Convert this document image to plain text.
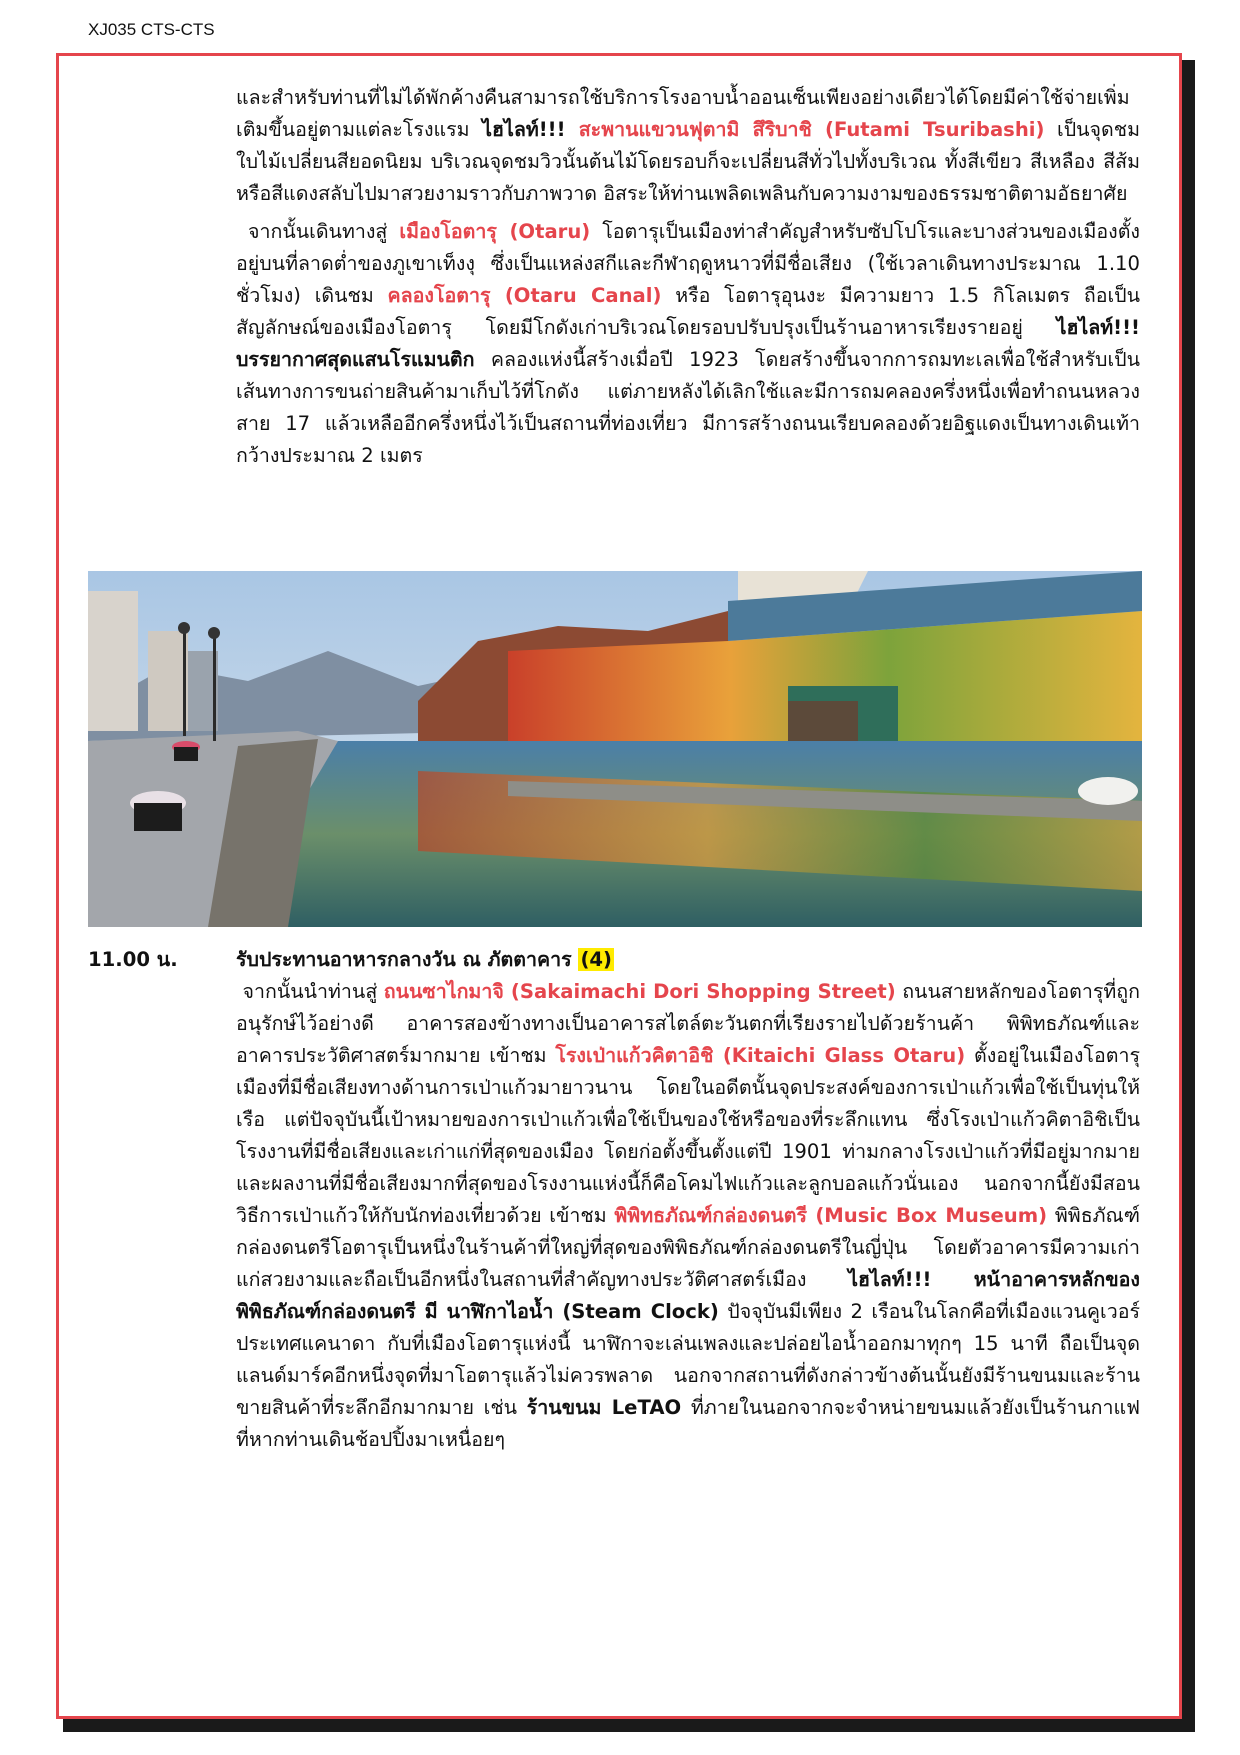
XJ035 CTS-CTS

และสำหรับท่านที่ไม่ได้พักค้างคืนสามารถใช้บริการโรงอาบน้ำออนเซ็นเพียงอย่างเดียวได้โดยมีค่าใช้จ่ายเพิ่มเติมขึ้นอยู่ตามแต่ละโรงแรม ไฮไลท์!!! สะพานแขวนฟุตามิ สึริบาชิ (Futami Tsuribashi) เป็นจุดชมใบไม้เปลี่ยนสียอดนิยม บริเวณจุดชมวิวนั้นต้นไม้โดยรอบก็จะเปลี่ยนสีทั่วไปทั้งบริเวณ ทั้งสีเขียว สีเหลือง สีส้ม หรือสีแดงสลับไปมาสวยงามราวกับภาพวาด อิสระให้ท่านเพลิดเพลินกับความงามของธรรมชาติตามอัธยาศัย

จากนั้นเดินทางสู่ เมืองโอตารุ (Otaru) โอตารุเป็นเมืองท่าสำคัญสำหรับซัปโปโรและบางส่วนของเมืองตั้งอยู่บนที่ลาดต่ำของภูเขาเท็งงุ ซึ่งเป็นแหล่งสกีและกีฬาฤดูหนาวที่มีชื่อเสียง (ใช้เวลาเดินทางประมาณ 1.10 ชั่วโมง) เดินชม คลองโอตารุ (Otaru Canal) หรือ โอตารุอุนงะ มีความยาว 1.5 กิโลเมตร ถือเป็นสัญลักษณ์ของเมืองโอตารุ โดยมีโกดังเก่าบริเวณโดยรอบปรับปรุงเป็นร้านอาหารเรียงรายอยู่ ไฮไลท์!!! บรรยากาศสุดแสนโรแมนติก คลองแห่งนี้สร้างเมื่อปี 1923 โดยสร้างขึ้นจากการถมทะเลเพื่อใช้สำหรับเป็นเส้นทางการขนถ่ายสินค้ามาเก็บไว้ที่โกดัง แต่ภายหลังได้เลิกใช้และมีการถมคลองครึ่งหนึ่งเพื่อทำถนนหลวงสาย 17 แล้วเหลืออีกครึ่งหนึ่งไว้เป็นสถานที่ท่องเที่ยว มีการสร้างถนนเรียบคลองด้วยอิฐแดงเป็นทางเดินเท้ากว้างประมาณ 2 เมตร

11.00 น.	รับประทานอาหารกลางวัน ณ ภัตตาคาร (4)

จากนั้นนำท่านสู่ ถนนซาไกมาจิ (Sakaimachi Dori Shopping Street) ถนนสายหลักของโอตารุที่ถูกอนุรักษ์ไว้อย่างดี อาคารสองข้างทางเป็นอาคารสไตล์ตะวันตกที่เรียงรายไปด้วยร้านค้า พิพิทธภัณฑ์และอาคารประวัติศาสตร์มากมาย เข้าชม โรงเป่าแก้วคิตาอิชิ (Kitaichi Glass Otaru) ตั้งอยู่ในเมืองโอตารุ เมืองที่มีชื่อเสียงทางด้านการเป่าแก้วมายาวนาน โดยในอดีตนั้นจุดประสงค์ของการเป่าแก้วเพื่อใช้เป็นทุ่นให้เรือ แต่ปัจจุบันนี้เป้าหมายของการเป่าแก้วเพื่อใช้เป็นของใช้หรือของที่ระลึกแทน ซึ่งโรงเป่าแก้วคิตาอิชิเป็นโรงงานที่มีชื่อเสียงและเก่าแก่ที่สุดของเมือง โดยก่อตั้งขึ้นตั้งแต่ปี 1901 ท่ามกลางโรงเป่าแก้วที่มีอยู่มากมาย และผลงานที่มีชื่อเสียงมากที่สุดของโรงงานแห่งนี้ก็คือโคมไฟแก้วและลูกบอลแก้วนั่นเอง นอกจากนี้ยังมีสอนวิธีการเป่าแก้วให้กับนักท่องเที่ยวด้วย เข้าชม พิพิทธภัณฑ์กล่องดนตรี (Music Box Museum) พิพิธภัณฑ์กล่องดนตรีโอตารุเป็นหนึ่งในร้านค้าที่ใหญ่ที่สุดของพิพิธภัณฑ์กล่องดนตรีในญี่ปุ่น โดยตัวอาคารมีความเก่าแก่สวยงามและถือเป็นอีกหนึ่งในสถานที่สำคัญทางประวัติศาสตร์เมือง ไฮไลท์!!! หน้าอาคารหลักของพิพิธภัณฑ์กล่องดนตรี มี นาฬิกาไอน้ำ (Steam Clock) ปัจจุบันมีเพียง 2 เรือนในโลกคือที่เมืองแวนคูเวอร์ ประเทศแคนาดา กับที่เมืองโอตารุแห่งนี้ นาฬิกาจะเล่นเพลงและปล่อยไอน้ำออกมาทุกๆ 15 นาที ถือเป็นจุดแลนด์มาร์คอีกหนึ่งจุดที่มาโอตารุแล้วไม่ควรพลาด นอกจากสถานที่ดังกล่าวข้างต้นนั้นยังมีร้านขนมและร้านขายสินค้าที่ระลึกอีกมากมาย เช่น ร้านขนม LeTAO ที่ภายในนอกจากจะจำหน่ายขนมแล้วยังเป็นร้านกาแฟ ที่หากท่านเดินช้อปปิ้งมาเหนื่อยๆ
